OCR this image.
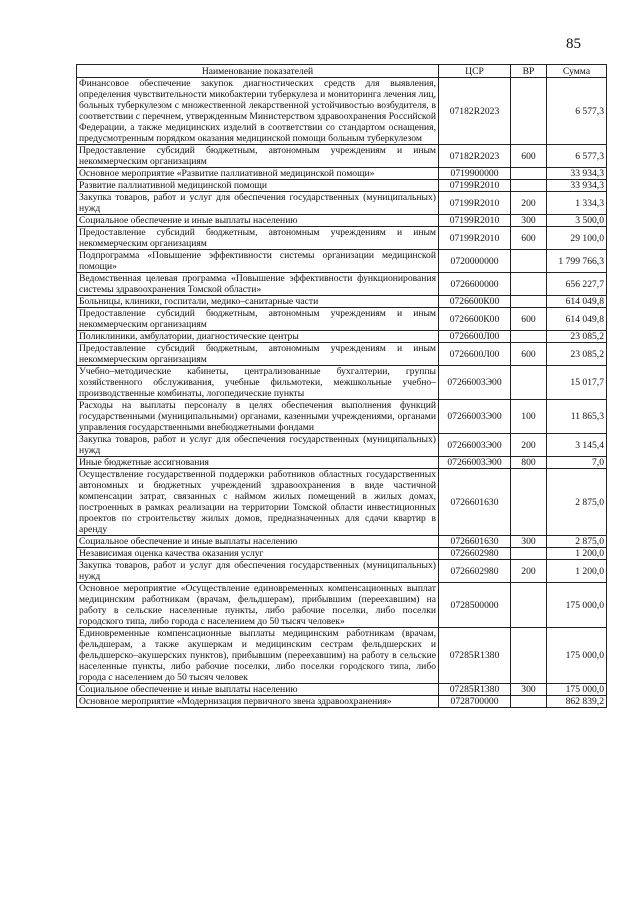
85
Наименование показателей	ЦСР	ВР	Сумма
Финансовое обеспечение закупок диагностических средств для выявления, определения чувствительности микобактерии туберкулеза и мониторинга лечения лиц, больных туберкулезом с множественной лекарственной устойчивостью возбудителя, в соответствии с перечнем, утвержденным Министерством здравоохранения Российской Федерации, а также медицинских изделий в соответствии со стандартом оснащения, предусмотренным порядком оказания медицинской помощи больным туберкулезом	07182R2023		6 577,3
Предоставление субсидий бюджетным, автономным учреждениям и иным некоммерческим организациям	07182R2023	600	6 577,3
Основное мероприятие «Развитие паллиативной медицинской помощи»	0719900000		33 934,3
Развитие паллиативной медицинской помощи	07199R2010		33 934,3
Закупка товаров, работ и услуг для обеспечения государственных (муниципальных) нужд	07199R2010	200	1 334,3
Социальное обеспечение и иные выплаты населению	07199R2010	300	3 500,0
Предоставление субсидий бюджетным, автономным учреждениям и иным некоммерческим организациям	07199R2010	600	29 100,0
Подпрограмма «Повышение эффективности системы организации медицинской помощи»	0720000000		1 799 766,3
Ведомственная целевая программа «Повышение эффективности функционирования системы здравоохранения Томской области»	0726600000		656 227,7
Больницы, клиники, госпитали, медико–санитарные части	0726600К00		614 049,8
Предоставление субсидий бюджетным, автономным учреждениям и иным некоммерческим организациям	0726600К00	600	614 049,8
Поликлиники, амбулатории, диагностические центры	0726600Л00		23 085,2
Предоставление субсидий бюджетным, автономным учреждениям и иным некоммерческим организациям	0726600Л00	600	23 085,2
Учебно–методические кабинеты, централизованные бухгалтерии, группы хозяйственного обслуживания, учебные фильмотеки, межшкольные учебно–производственные комбинаты, логопедические пункты	07266003Э00		15 017,7
Расходы на выплаты персоналу в целях обеспечения выполнения функций государственными (муниципальными) органами, казенными учреждениями, органами управления государственными внебюджетными фондами	07266003Э00	100	11 865,3
Закупка товаров, работ и услуг для обеспечения государственных (муниципальных) нужд	07266003Э00	200	3 145,4
Иные бюджетные ассигнования	07266003Э00	800	7,0
Осуществление государственной поддержки работников областных государственных автономных и бюджетных учреждений здравоохранения в виде частичной компенсации затрат, связанных с наймом жилых помещений в жилых домах, построенных в рамках реализации на территории Томской области инвестиционных проектов по строительству жилых домов, предназначенных для сдачи квартир в аренду	0726601630		2 875,0
Социальное обеспечение и иные выплаты населению	0726601630	300	2 875,0
Независимая оценка качества оказания услуг	0726602980		1 200,0
Закупка товаров, работ и услуг для обеспечения государственных (муниципальных) нужд	0726602980	200	1 200,0
Основное мероприятие «Осуществление единовременных компенсационных выплат медицинским работникам (врачам, фельдшерам), прибывшим (переехавшим) на работу в сельские населенные пункты, либо рабочие поселки, либо поселки городского типа, либо города с населением до 50 тысяч человек»	0728500000		175 000,0
Единовременные компенсационные выплаты медицинским работникам (врачам, фельдшерам, а также акушеркам и медицинским сестрам фельдшерских и фельдшерско–акушерских пунктов), прибывшим (переехавшим) на работу в сельские населенные пункты, либо рабочие поселки, либо поселки городского типа, либо города с населением до 50 тысяч человек	07285R1380		175 000,0
Социальное обеспечение и иные выплаты населению	07285R1380	300	175 000,0
Основное мероприятие «Модернизация первичного звена здравоохранения»	0728700000		862 839,2
